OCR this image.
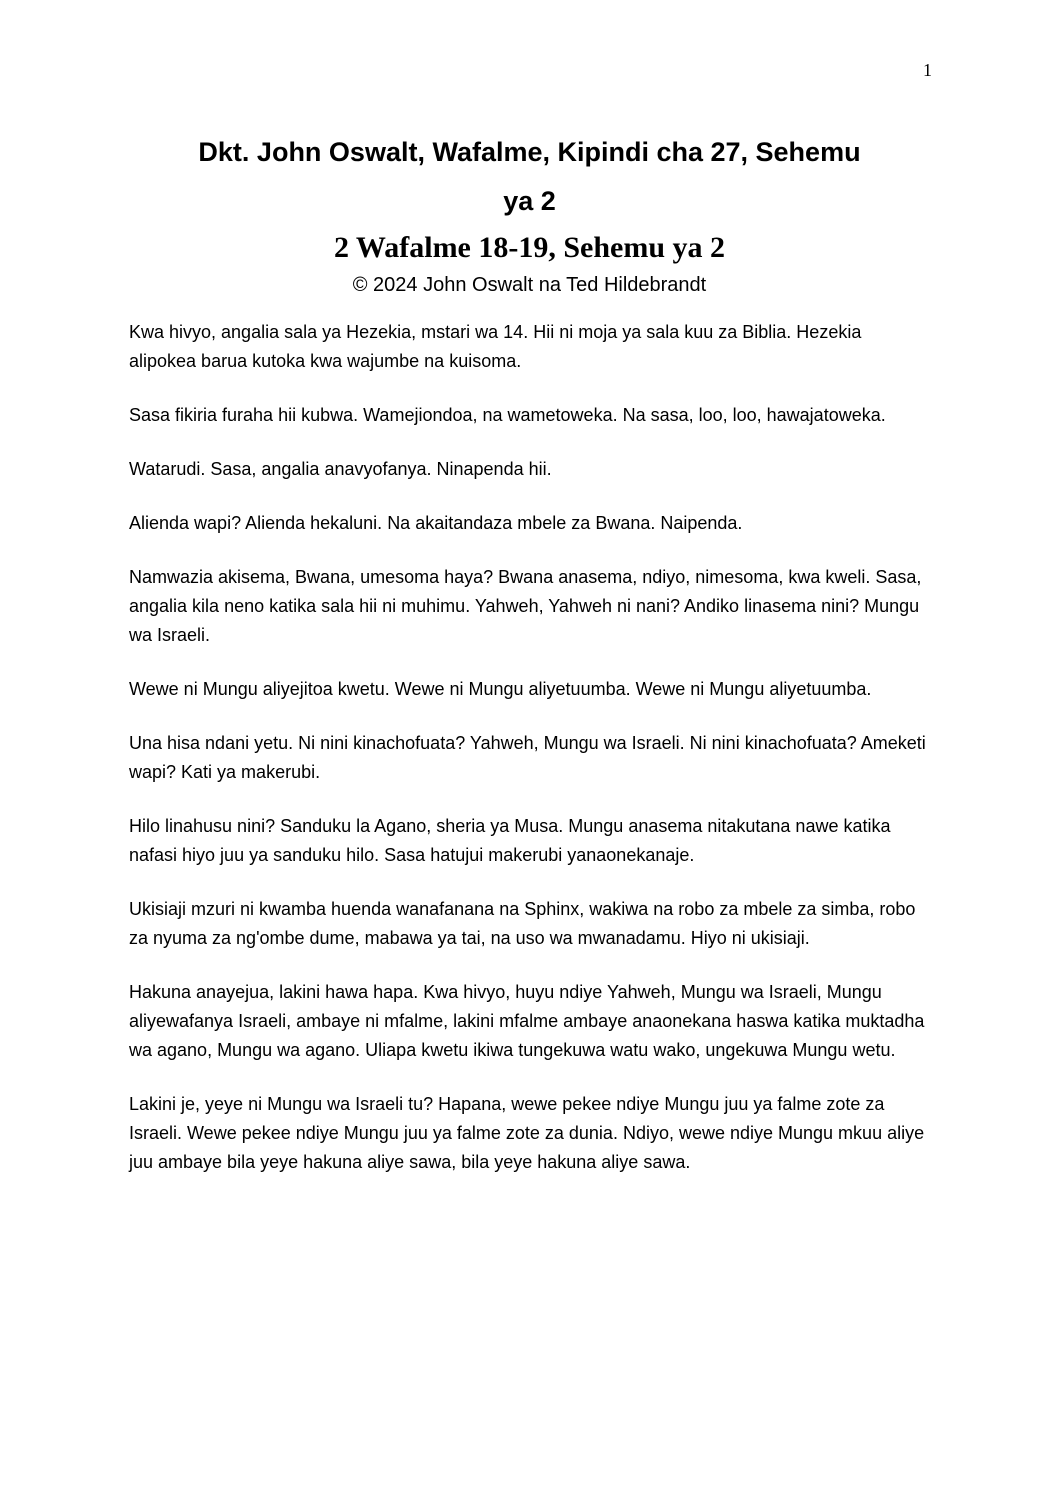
1
Dkt. John Oswalt, Wafalme, Kipindi cha 27, Sehemu
ya 2
2 Wafalme 18-19, Sehemu ya 2
© 2024 John Oswalt na Ted Hildebrandt

Kwa hivyo, angalia sala ya Hezekia, mstari wa 14. Hii ni moja ya sala kuu za Biblia. Hezekia alipokea barua kutoka kwa wajumbe na kuisoma.

Sasa fikiria furaha hii kubwa. Wamejiondoa, na wametoweka. Na sasa, loo, loo, hawajatoweka.

Watarudi. Sasa, angalia anavyofanya. Ninapenda hii.

Alienda wapi? Alienda hekaluni. Na akaitandaza mbele za Bwana. Naipenda.

Namwazia akisema, Bwana, umesoma haya? Bwana anasema, ndiyo, nimesoma, kwa kweli. Sasa, angalia kila neno katika sala hii ni muhimu. Yahweh, Yahweh ni nani? Andiko linasema nini? Mungu wa Israeli.

Wewe ni Mungu aliyejitoa kwetu. Wewe ni Mungu aliyetuumba. Wewe ni Mungu aliyetuumba.

Una hisa ndani yetu. Ni nini kinachofuata? Yahweh, Mungu wa Israeli. Ni nini kinachofuata? Ameketi wapi? Kati ya makerubi.

Hilo linahusu nini? Sanduku la Agano, sheria ya Musa. Mungu anasema nitakutana nawe katika nafasi hiyo juu ya sanduku hilo. Sasa hatujui makerubi yanaonekanaje.

Ukisiaji mzuri ni kwamba huenda wanafanana na Sphinx, wakiwa na robo za mbele za simba, robo za nyuma za ng'ombe dume, mabawa ya tai, na uso wa mwanadamu. Hiyo ni ukisiaji.

Hakuna anayejua, lakini hawa hapa. Kwa hivyo, huyu ndiye Yahweh, Mungu wa Israeli, Mungu aliyewafanya Israeli, ambaye ni mfalme, lakini mfalme ambaye anaonekana haswa katika muktadha wa agano, Mungu wa agano. Uliapa kwetu ikiwa tungekuwa watu wako, ungekuwa Mungu wetu.

Lakini je, yeye ni Mungu wa Israeli tu? Hapana, wewe pekee ndiye Mungu juu ya falme zote za Israeli. Wewe pekee ndiye Mungu juu ya falme zote za dunia. Ndiyo, wewe ndiye Mungu mkuu aliye juu ambaye bila yeye hakuna aliye sawa, bila yeye hakuna aliye sawa.
